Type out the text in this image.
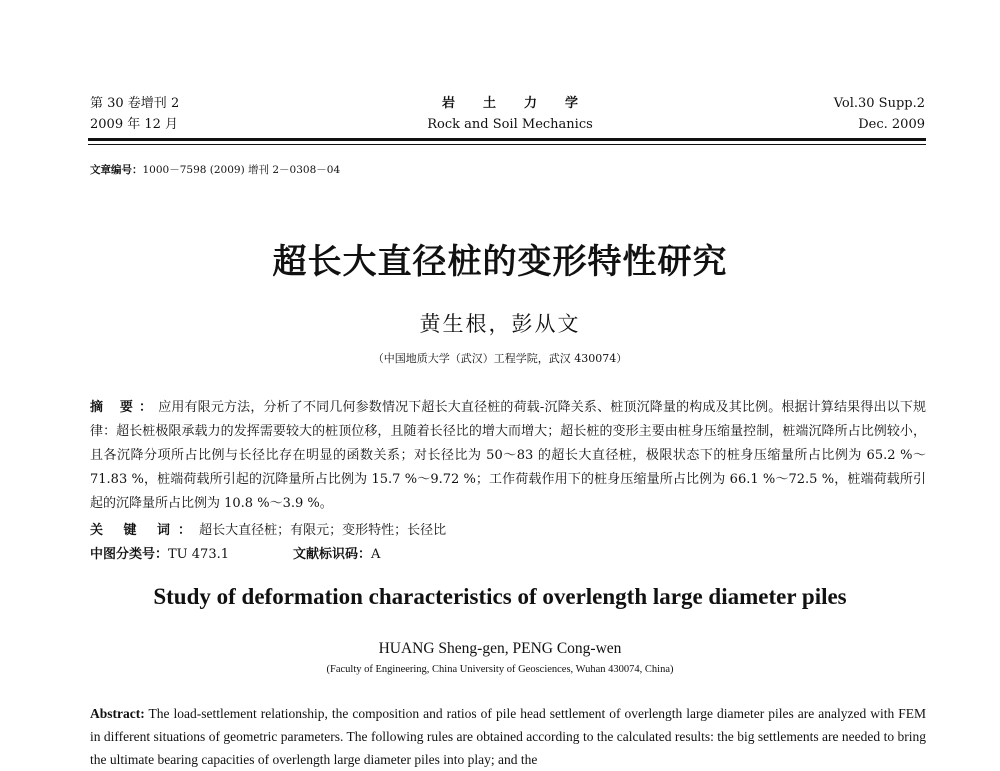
第 30 卷增刊 2
2009 年 12 月
岩土力学
Rock and Soil Mechanics
Vol.30 Supp.2
Dec. 2009
文章编号：1000－7598 (2009) 增刊 2－0308－04
超长大直径桩的变形特性研究
黄生根，彭从文
（中国地质大学（武汉）工程学院，武汉 430074）
摘 要：应用有限元方法，分析了不同几何参数情况下超长大直径桩的荷载-沉降关系、桩顶沉降量的构成及其比例。根据计算结果得出以下规律：超长桩极限承载力的发挥需要较大的桩顶位移，且随着长径比的增大而增大；超长桩的变形主要由桩身压缩量控制，桩端沉降所占比例较小，且各沉降分项所占比例与长径比存在明显的函数关系；对长径比为 50～83 的超长大直径桩，极限状态下的桩身压缩量所占比例为 65.2 %～71.83 %，桩端荷载所引起的沉降量所占比例为 15.7 %～9.72 %；工作荷载作用下的桩身压缩量所占比例为 66.1 %～72.5 %，桩端荷载所引起的沉降量所占比例为 10.8 %～3.9 %。
关 键 词：超长大直径桩；有限元；变形特性；长径比
中图分类号：TU 473.1	文献标识码：A
Study of deformation characteristics of overlength large diameter piles
HUANG Sheng-gen, PENG Cong-wen
(Faculty of Engineering, China University of Geosciences, Wuhan 430074, China)
Abstract: The load-settlement relationship, the composition and ratios of pile head settlement of overlength large diameter piles are analyzed with FEM in different situations of geometric parameters. The following rules are obtained according to the calculated results: the big settlements are needed to bring the ultimate bearing capacities of overlength large diameter piles into play; and the
